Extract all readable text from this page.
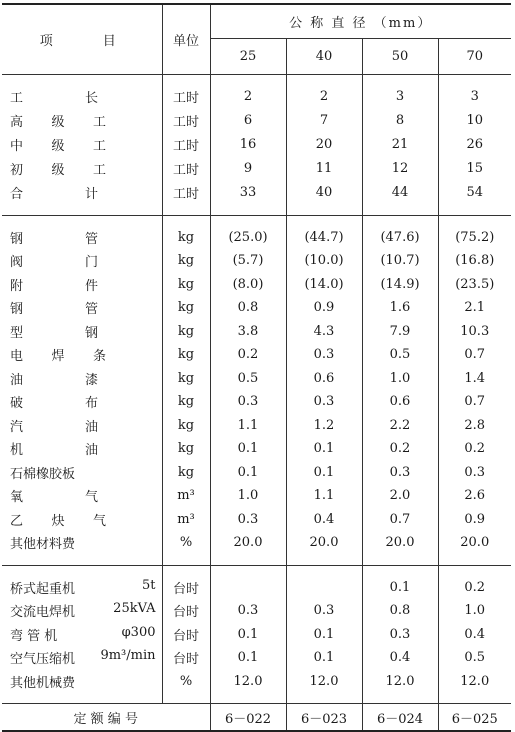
项　　目	单位	公 称 直 径 （mm）			
		25	40	50	70

工 长	工时	2	2	3	3

高 级 工	工时	6	7	8	10

中 级 工	工时	16	20	21	26

初 级 工	工时	9	11	12	15

合 计	工时	33	40	44	54

钢 管	kg	(25.0)	(44.7)	(47.6)	(75.2)

阀 门	kg	(5.7)	(10.0)	(10.7)	(16.8)

附 件	kg	(8.0)	(14.0)	(14.9)	(23.5)

钢 管	kg	0.8	0.9	1.6	2.1

型 钢	kg	3.8	4.3	7.9	10.3

电 焊 条	kg	0.2	0.3	0.5	0.7

油 漆	kg	0.5	0.6	1.0	1.4

破 布	kg	0.3	0.3	0.6	0.7

汽 油	kg	1.1	1.2	2.2	2.8

机 油	kg	0.1	0.1	0.2	0.2
石棉橡胶板	kg	0.1	0.1	0.3	0.3

氧 气	m³	1.0	1.1	2.0	2.6

乙 炔 气	m³	0.3	0.4	0.7	0.9
其他材料费	%	20.0	20.0	20.0	20.0

桥式起重机 5t	台时			0.1	0.2

交流电焊机 25kVA	台时	0.3	0.3	0.8	1.0

弯 管 机 φ300	台时	0.1	0.1	0.3	0.4

空气压缩机 9m³/min	台时	0.1	0.1	0.4	0.5

其他机械费	%	12.0	12.0	12.0	12.0

定 额 编 号		6－022	6－023	6－024	6－025
